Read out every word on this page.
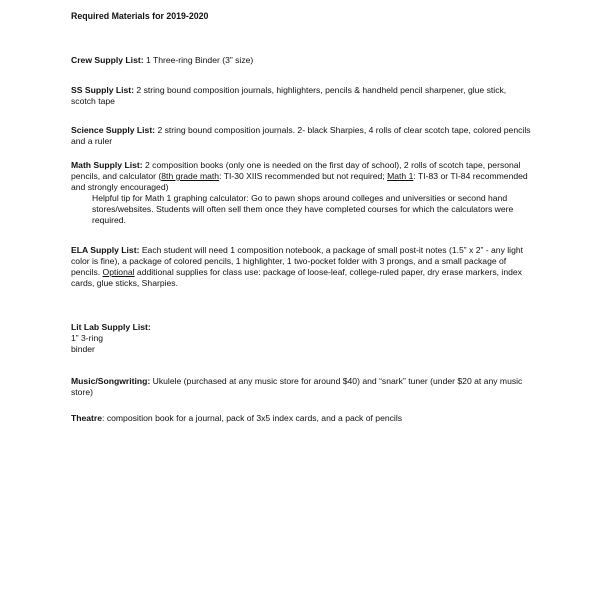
Required Materials for 2019-2020

Crew Supply List: 1 Three-ring Binder (3” size)

SS Supply List: 2 string bound composition journals, highlighters, pencils & handheld pencil sharpener, glue stick, scotch tape

Science Supply List: 2 string bound composition journals. 2- black Sharpies, 4 rolls of clear scotch tape, colored pencils and a ruler

Math Supply List: 2 composition books (only one is needed on the first day of school), 2 rolls of scotch tape, personal pencils, and calculator (8th grade math: TI-30 XIIS recommended but not required; Math 1: TI-83 or TI-84 recommended and strongly encouraged)

Helpful tip for Math 1 graphing calculator: Go to pawn shops around colleges and universities or second hand stores/websites. Students will often sell them once they have completed courses for which the calculators were required.

ELA Supply List: Each student will need 1 composition notebook, a package of small post-it notes (1.5” x 2” - any light color is fine), a package of colored pencils, 1 highlighter, 1 two-pocket folder with 3 prongs, and a small package of pencils. Optional additional supplies for class use: package of loose-leaf, college-ruled paper, dry erase markers, index cards, glue sticks, Sharpies.

Lit Lab Supply List:

1” 3-ring

binder

Music/Songwriting: Ukulele (purchased at any music store for around $40) and “snark” tuner (under $20 at any music store)

Theatre: composition book for a journal, pack of 3x5 index cards, and a pack of pencils
